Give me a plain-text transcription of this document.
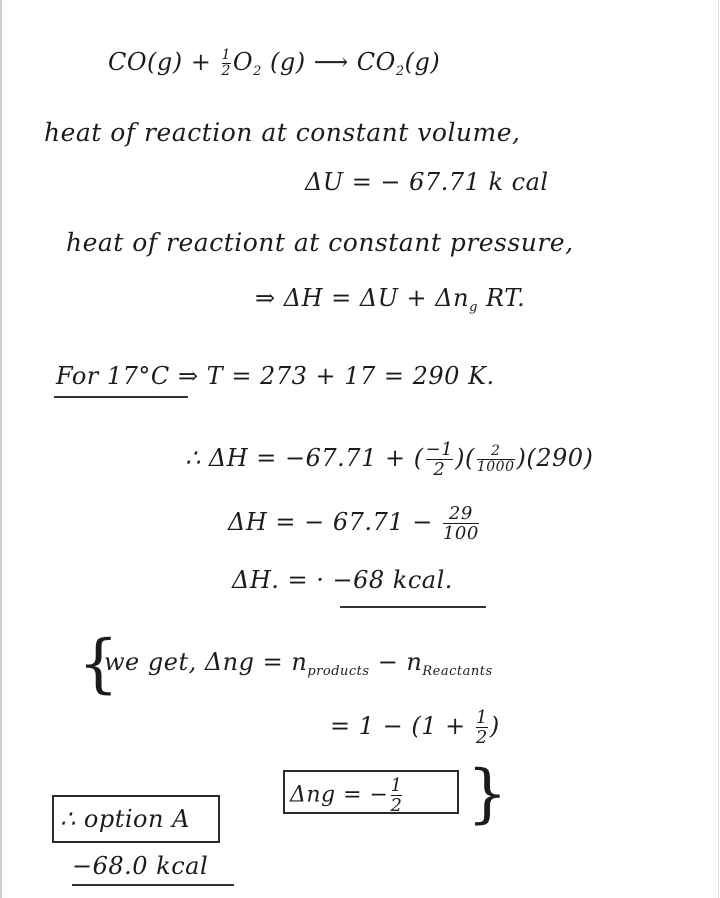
$CO(g) + \frac{1}{2} O_2$ (g) ⟶ $CO_2(g)$
heat of reaction at constant volume,
ΔU = − 67.71 k cal
heat of reactiont at constant pressure,
⇒ $\Delta H = \Delta U + \Delta n_g$ RT.
For 17°C ⇒ T = 273 + 17 = 290 K.
∴ ΔH = −67.71 + ( $\frac{-1}{2}$ )( $\frac{2}{1000} )(290)$
ΔH = − $67.71 - \frac{29}{100}$
ΔH. = · −68 kcal.
{
we get, $\Delta ng = n_{products} - n_{Reactants}$
= $1 - (1 + \frac{1}{2}$ )
Δng = − $\frac{1}{2}$ }
∴ option A
−68.0 kcal
